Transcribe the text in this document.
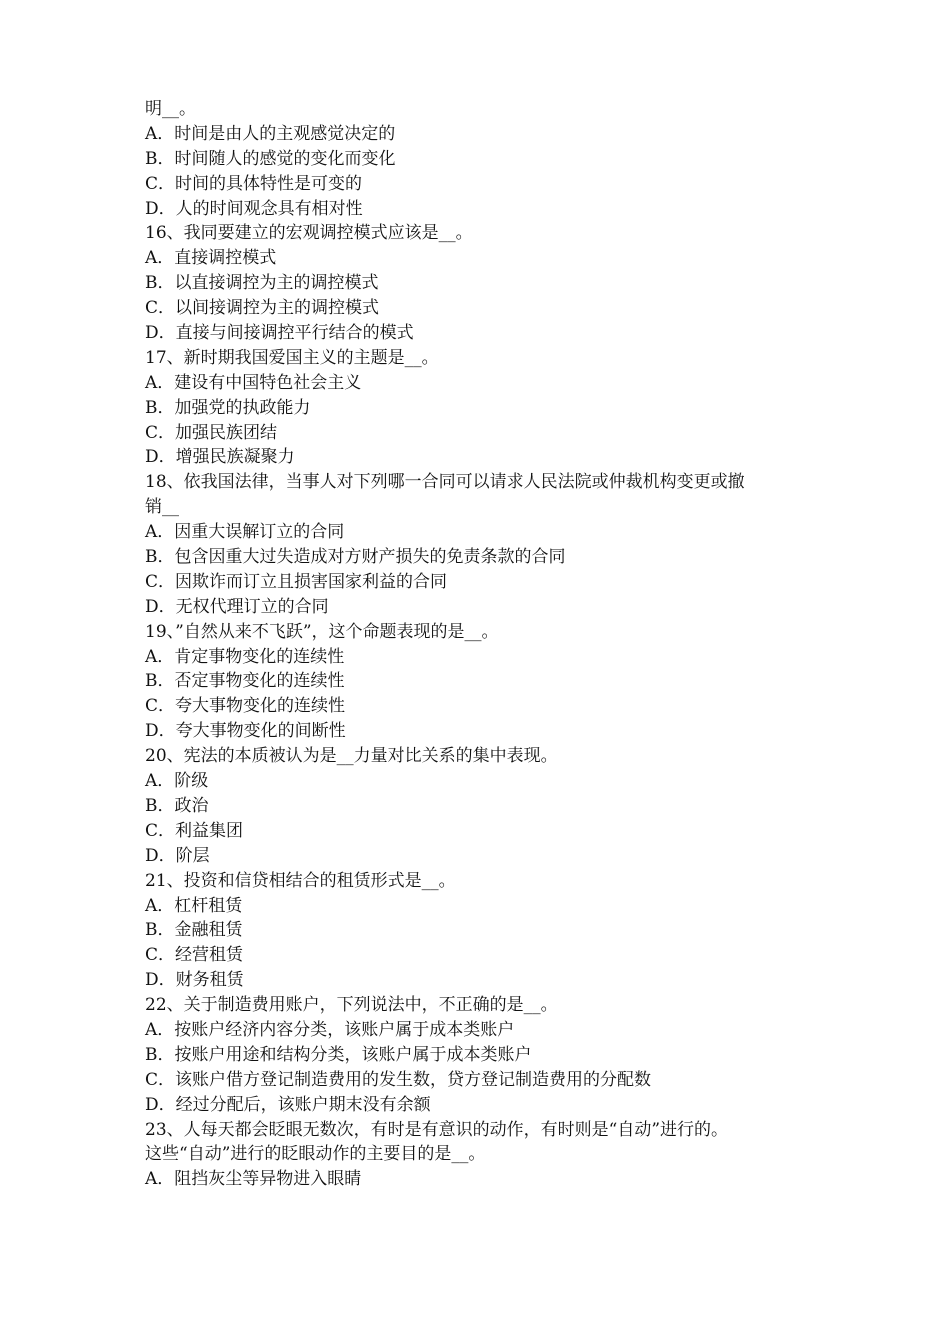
明__。
A．时间是由人的主观感觉决定的
B．时间随人的感觉的变化而变化
C．时间的具体特性是可变的
D．人的时间观念具有相对性
16、我同要建立的宏观调控模式应该是__。
A．直接调控模式
B．以直接调控为主的调控模式
C．以间接调控为主的调控模式
D．直接与间接调控平行结合的模式
17、新时期我国爱国主义的主题是__。
A．建设有中国特色社会主义
B．加强党的执政能力
C．加强民族团结
D．增强民族凝聚力
18、依我国法律，当事人对下列哪一合同可以请求人民法院或仲裁机构变更或撤
销__
A．因重大误解订立的合同
B．包含因重大过失造成对方财产损失的免责条款的合同
C．因欺诈而订立且损害国家利益的合同
D．无权代理订立的合同
19、”自然从来不飞跃”，这个命题表现的是__。
A．肯定事物变化的连续性
B．否定事物变化的连续性
C．夸大事物变化的连续性
D．夸大事物变化的间断性
20、宪法的本质被认为是__力量对比关系的集中表现。
A．阶级
B．政治
C．利益集团
D．阶层
21、投资和信贷相结合的租赁形式是__。
A．杠杆租赁
B．金融租赁
C．经营租赁
D．财务租赁
22、关于制造费用账户，下列说法中，不正确的是__。
A．按账户经济内容分类，该账户属于成本类账户
B．按账户用途和结构分类，该账户属于成本类账户
C．该账户借方登记制造费用的发生数，贷方登记制造费用的分配数
D．经过分配后，该账户期末没有余额
23、人每天都会眨眼无数次，有时是有意识的动作，有时则是“自动”进行的。
这些“自动”进行的眨眼动作的主要目的是__。
A．阻挡灰尘等异物进入眼睛
